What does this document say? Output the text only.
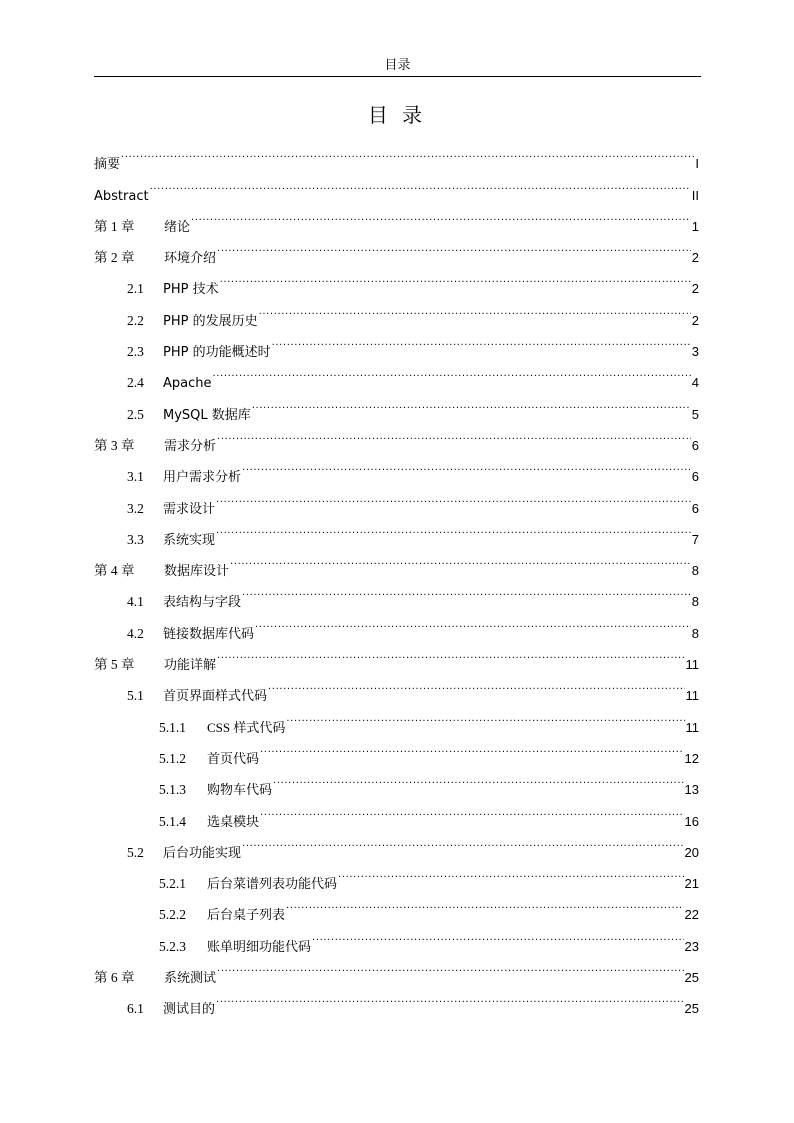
目录
目 录
摘要 .....	I
Abstract .....	II
第 1 章	绪论 .....	1
第 2 章	环境介绍 .....	2
2.1	PHP 技术 .....	2
2.2	PHP 的发展历史 .....	2
2.3	PHP 的功能概述时 .....	3
2.4	Apache .....	4
2.5	MySQL 数据库 .....	5
第 3 章	需求分析 .....	6
3.1	用户需求分析 .....	6
3.2	需求设计 .....	6
3.3	系统实现 .....	7
第 4 章	数据库设计 .....	8
4.1	表结构与字段 .....	8
4.2	链接数据库代码 .....	8
第 5 章	功能详解 .....	11
5.1	首页界面样式代码 .....	11
5.1.1	CSS 样式代码 .....	11
5.1.2	首页代码 .....	12
5.1.3	购物车代码 .....	13
5.1.4	选桌模块 .....	16
5.2	后台功能实现 .....	20
5.2.1	后台菜谱列表功能代码 .....	21
5.2.2	后台桌子列表 .....	22
5.2.3	账单明细功能代码 .....	23
第 6 章	系统测试 .....	25
6.1	测试目的 .....	25
